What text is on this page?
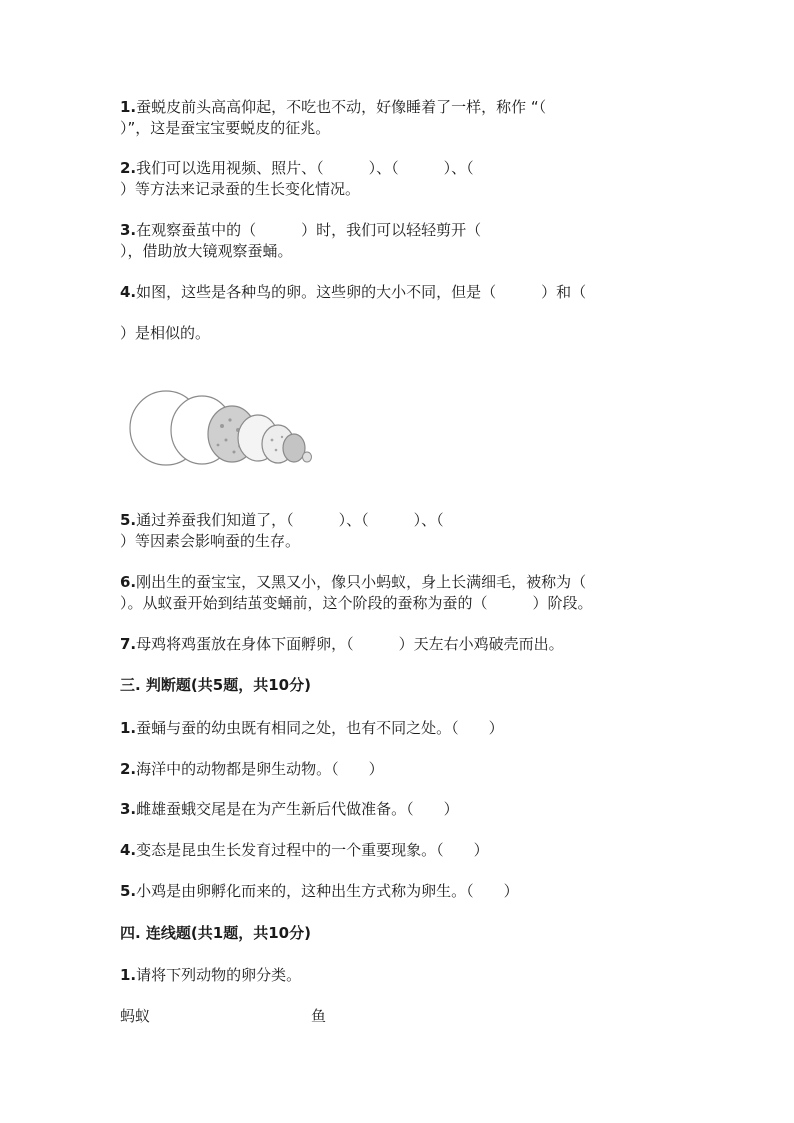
1.蚕蜕皮前头高高仰起，不吃也不动，好像睡着了一样，称作 “（
）”，这是蚕宝宝要蜕皮的征兆。
2.我们可以选用视频、照片、（　　　）、（　　　）、（
）等方法来记录蚕的生长变化情况。
3.在观察蚕茧中的（　　　）时，我们可以轻轻剪开（
），借助放大镜观察蚕蛹。
4.如图，这些是各种鸟的卵。这些卵的大小不同，但是（　　　）和（
）是相似的。
5.通过养蚕我们知道了，（　　　）、（　　　）、（
）等因素会影响蚕的生存。
6.刚出生的蚕宝宝，又黑又小，像只小蚂蚁，身上长满细毛，被称为（
）。从蚁蚕开始到结茧变蛹前，这个阶段的蚕称为蚕的（　　　）阶段。
7.母鸡将鸡蛋放在身体下面孵卵，（　　　）天左右小鸡破壳而出。
三. 判断题(共5题，共10分)
1.蚕蛹与蚕的幼虫既有相同之处，也有不同之处。（　　）
2.海洋中的动物都是卵生动物。（　　）
3.雌雄蚕蛾交尾是在为产生新后代做准备。（　　）
4.变态是昆虫生长发育过程中的一个重要现象。（　　）
5.小鸡是由卵孵化而来的，这种出生方式称为卵生。（　　）
四. 连线题(共1题，共10分)
1.请将下列动物的卵分类。
蚂蚁	鱼
